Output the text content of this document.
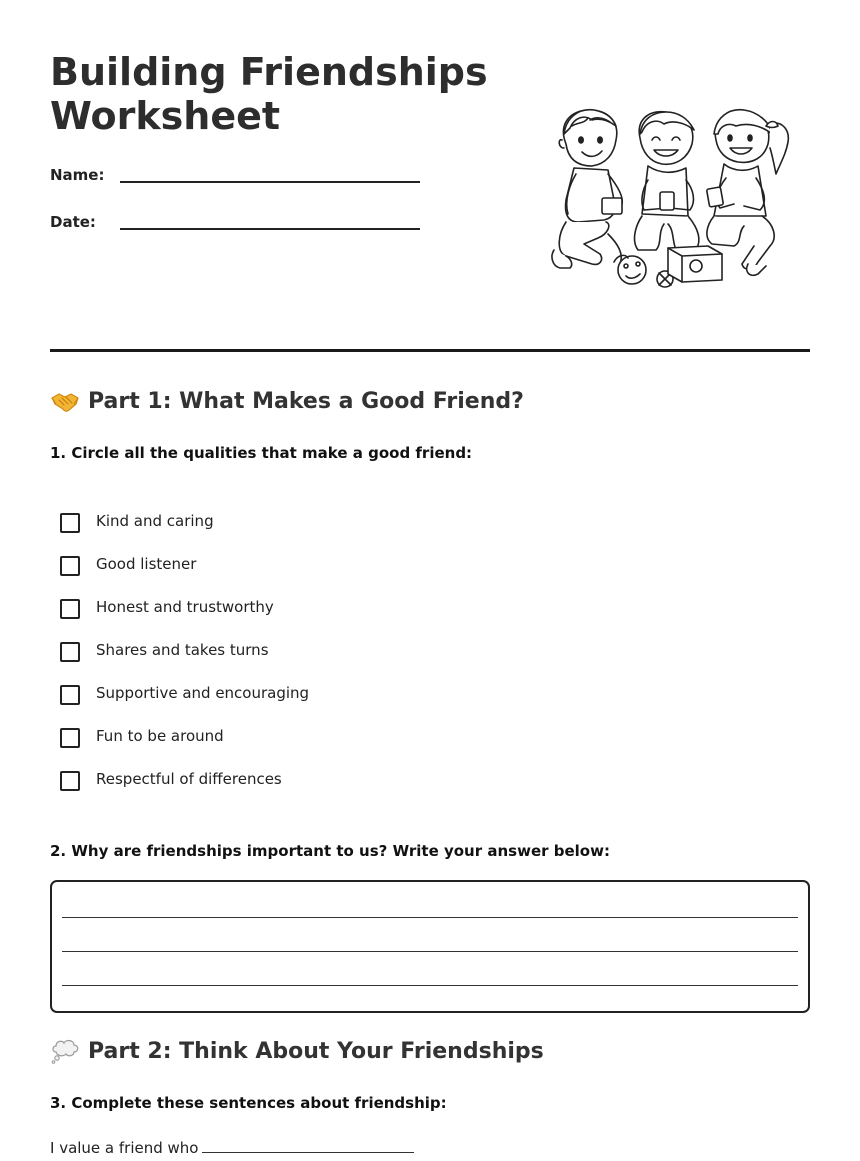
Building Friendships Worksheet
Name:
Date:
Part 1: What Makes a Good Friend?
1. Circle all the qualities that make a good friend:
Kind and caring
Good listener
Honest and trustworthy
Shares and takes turns
Supportive and encouraging
Fun to be around
Respectful of differences
2. Why are friendships important to us? Write your answer below:
Part 2: Think About Your Friendships
3. Complete these sentences about friendship:
I value a friend who
